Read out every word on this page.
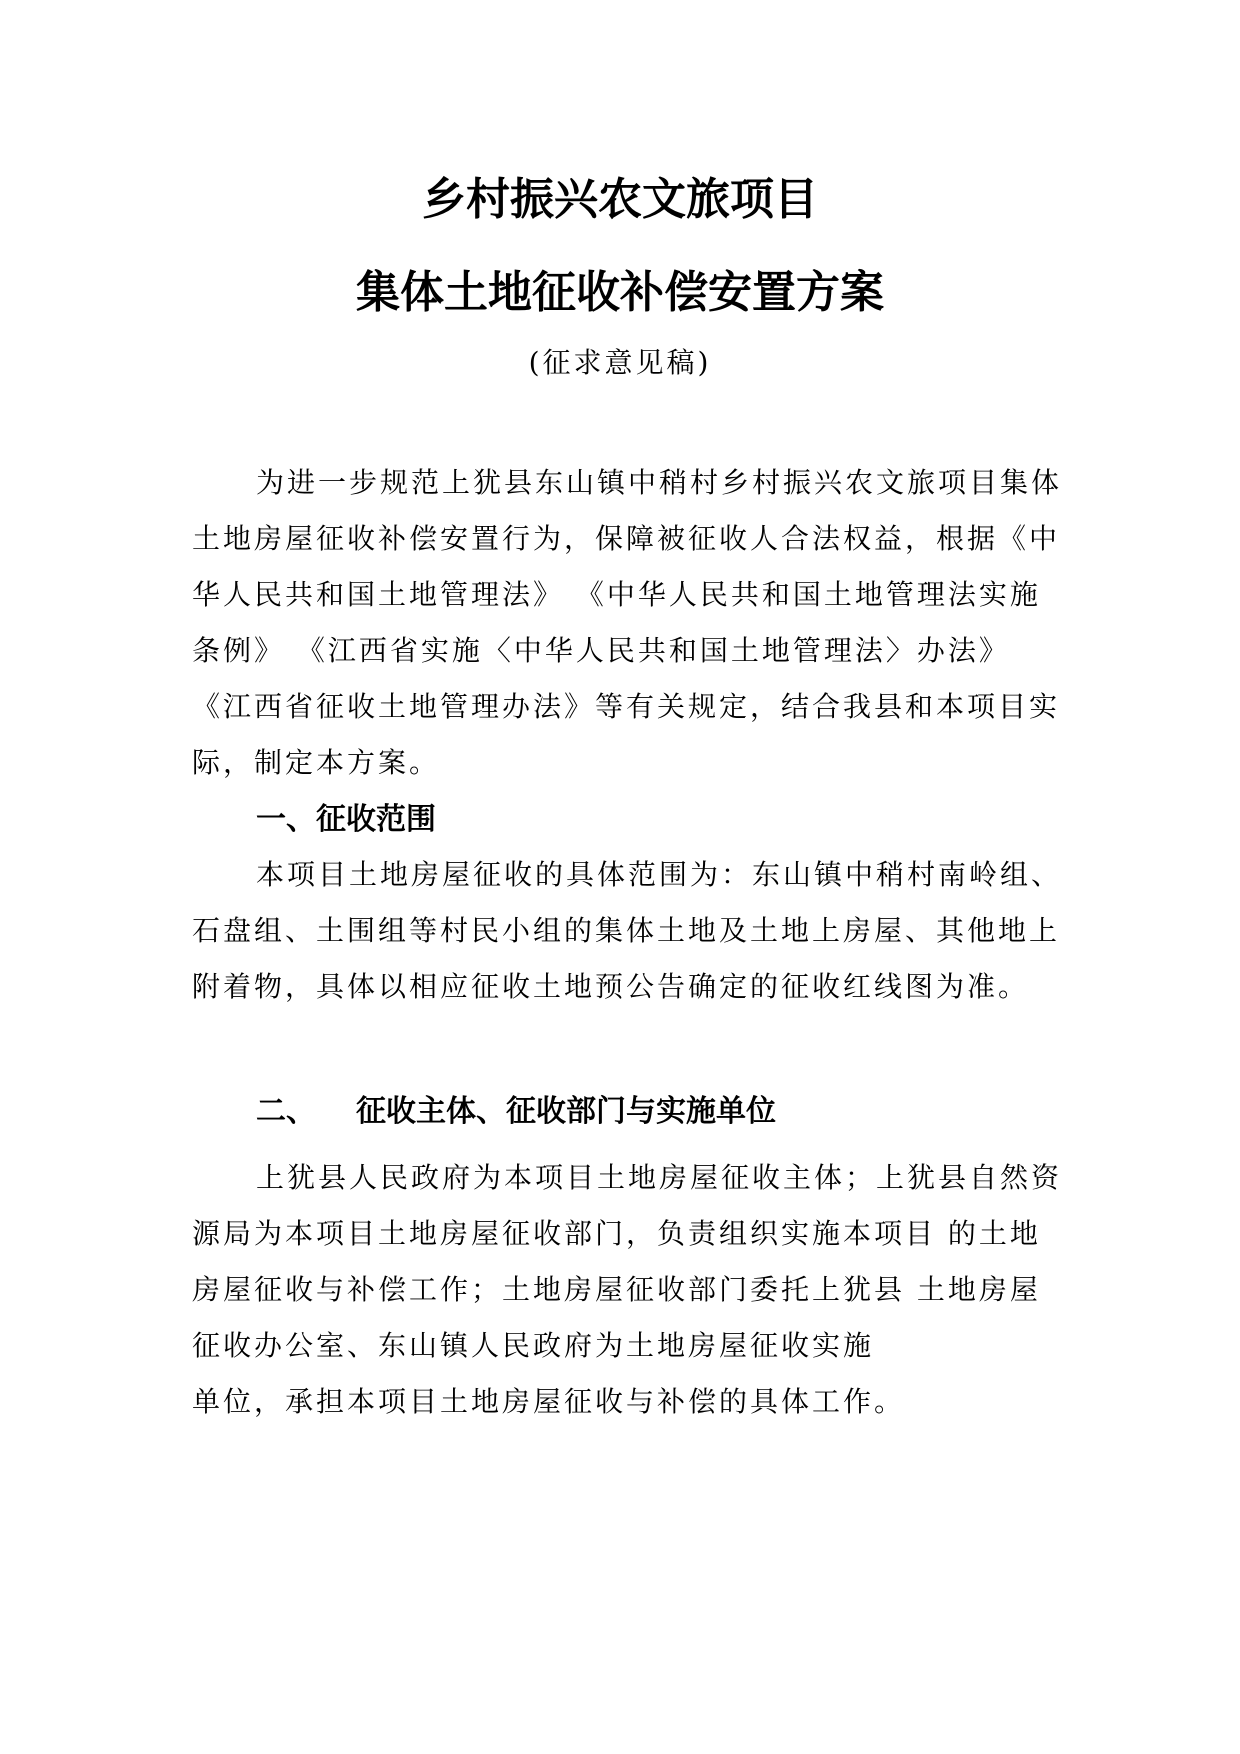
乡村振兴农文旅项目
集体土地征收补偿安置方案
(征求意见稿)

为进一步规范上犹县东山镇中稍村乡村振兴农文旅项目集体土地房屋征收补偿安置行为，保障被征收人合法权益，根据《中华人民共和国土地管理法》 《中华人民共和国土地管理法实施条例》 《江西省实施〈中华人民共和国土地管理法〉办法》 《江西省征收土地管理办法》等有关规定，结合我县和本项目实际，制定本方案。

一、征收范围

本项目土地房屋征收的具体范围为：东山镇中稍村南岭组、石盘组、土围组等村民小组的集体土地及土地上房屋、其他地上附着物，具体以相应征收土地预公告确定的征收红线图为准。

二、 征收主体、征收部门与实施单位

上犹县人民政府为本项目土地房屋征收主体；上犹县自然资源局为本项目土地房屋征收部门，负责组织实施本项目 的土地房屋征收与补偿工作；土地房屋征收部门委托上犹县 土地房屋征收办公室、东山镇人民政府为土地房屋征收实施
单位，承担本项目土地房屋征收与补偿的具体工作。
